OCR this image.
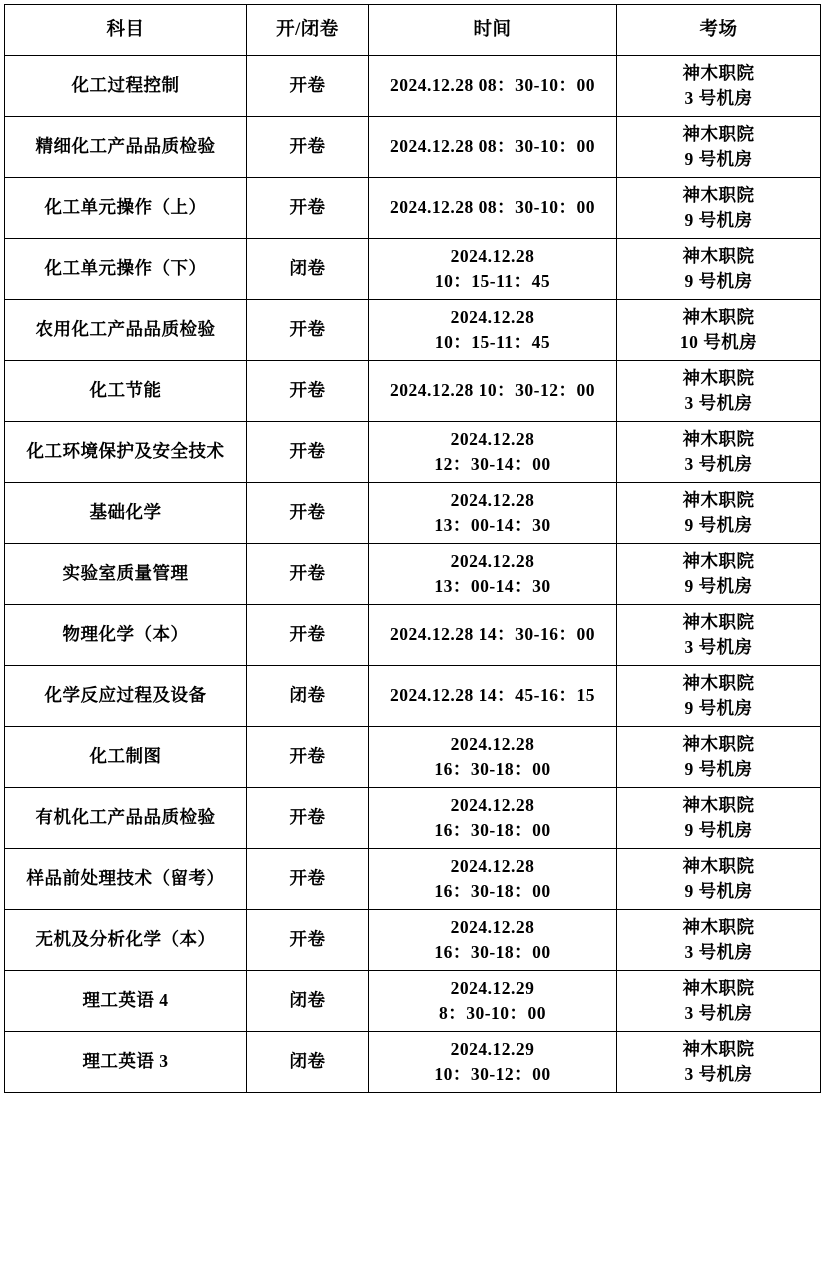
科目	开/闭卷	时间	考场
化工过程控制	开卷	2024.12.28 08：30-10：00	神木职院
3 号机房

精细化工产品品质检验	开卷	2024.12.28 08：30-10：00	神木职院
9 号机房

化工单元操作（上）	开卷	2024.12.28 08：30-10：00	神木职院
9 号机房

化工单元操作（下）	闭卷	2024.12.28
10：15-11：45	神木职院
9 号机房

农用化工产品品质检验	开卷	2024.12.28
10：15-11：45	神木职院
10 号机房

化工节能	开卷	2024.12.28 10：30-12：00	神木职院
3 号机房

化工环境保护及安全技术	开卷	2024.12.28
12：30-14：00	神木职院
3 号机房

基础化学	开卷	2024.12.28
13：00-14：30	神木职院
9 号机房

实验室质量管理	开卷	2024.12.28
13：00-14：30	神木职院
9 号机房

物理化学（本）	开卷	2024.12.28 14：30-16：00	神木职院
3 号机房

化学反应过程及设备	闭卷	2024.12.28 14：45-16：15	神木职院
9 号机房

化工制图	开卷	2024.12.28
16：30-18：00	神木职院
9 号机房

有机化工产品品质检验	开卷	2024.12.28
16：30-18：00	神木职院
9 号机房

样品前处理技术（留考）	开卷	2024.12.28
16：30-18：00	神木职院
9 号机房

无机及分析化学（本）	开卷	2024.12.28
16：30-18：00	神木职院
3 号机房

理工英语 4	闭卷	2024.12.29
8：30-10：00	神木职院
3 号机房

理工英语 3	闭卷	2024.12.29
10：30-12：00	神木职院
3 号机房
